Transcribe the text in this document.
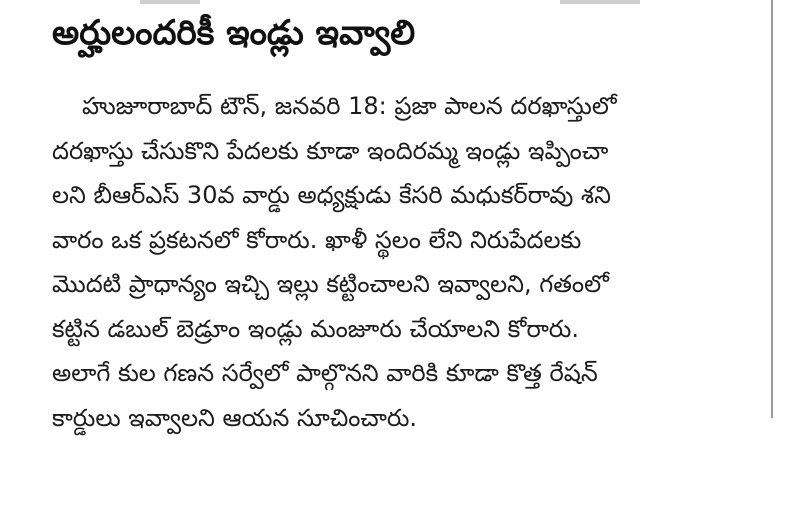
అర్హులందరికీ ఇండ్లు ఇవ్వాలి
హుజూరాబాద్ టౌన్, జనవరి 18: ప్రజా పాలన దరఖాస్తులో
దరఖాస్తు చేసుకొని పేదలకు కూడా ఇందిరమ్మ ఇండ్లు ఇప్పించా
లని బీఆర్ఎస్ 30వ వార్డు అధ్యక్షుడు కేసరి మధుకర్‌రావు శని
వారం ఒక ప్రకటనలో కోరారు. ఖాళీ స్థలం లేని నిరుపేదలకు
మొదటి ప్రాధాన్యం ఇచ్చి ఇల్లు కట్టించాలని ఇవ్వాలని, గతంలో
కట్టిన డబుల్ బెడ్రూం ఇండ్లు మంజూరు చేయాలని కోరారు.
అలాగే కుల గణన సర్వేలో పాల్గొనని వారికి కూడా కొత్త రేషన్
కార్డులు ఇవ్వాలని ఆయన సూచించారు.
